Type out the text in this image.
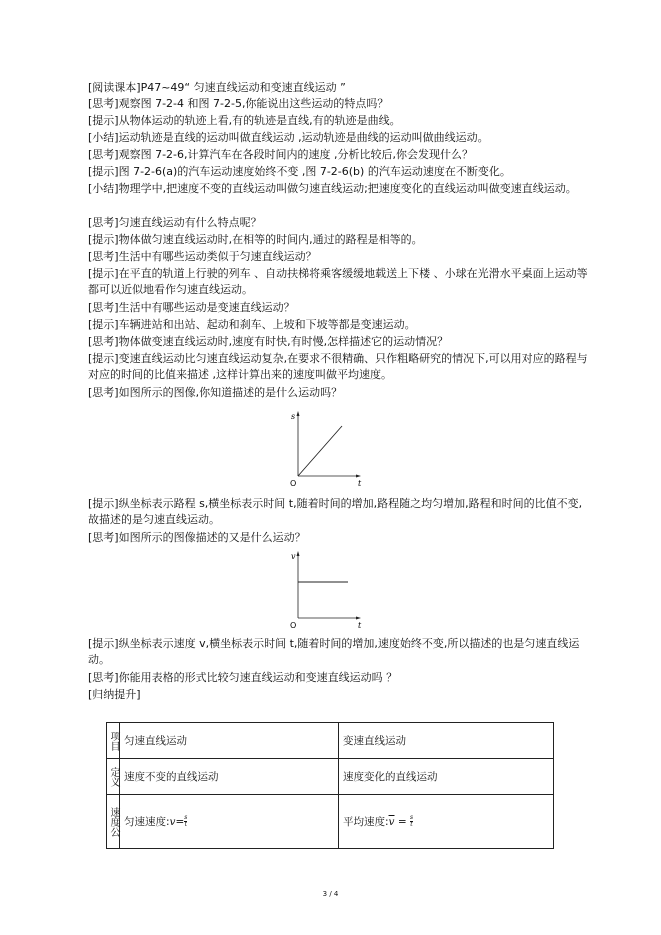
[阅读课本]P47~49“ 匀速直线运动和变速直线运动 ”

[思考]观察图 7-2-4 和图 7-2-5,你能说出这些运动的特点吗？

[提示]从物体运动的轨迹上看,有的轨迹是直线,有的轨迹是曲线。

[小结]运动轨迹是直线的运动叫做直线运动 ,运动轨迹是曲线的运动叫做曲线运动。

[思考]观察图 7-2-6,计算汽车在各段时间内的速度 ,分析比较后,你会发现什么？

[提示]图 7-2-6(a)的汽车运动速度始终不变 ,图 7-2-6(b) 的汽车运动速度在不断变化。

[小结]物理学中,把速度不变的直线运动叫做匀速直线运动;把速度变化的直线运动叫做变速直线运动。

[思考]匀速直线运动有什么特点呢？

[提示]物体做匀速直线运动时,在相等的时间内,通过的路程是相等的。

[思考]生活中有哪些运动类似于匀速直线运动？

[提示]在平直的轨道上行驶的列车 、自动扶梯将乘客缓缓地载送上下楼 、小球在光滑水平桌面上运动等都可以近似地看作匀速直线运动。

[思考]生活中有哪些运动是变速直线运动？

[提示]车辆进站和出站、起动和刹车、上坡和下坡等都是变速运动。

[思考]物体做变速直线运动时,速度有时快,有时慢,怎样描述它的运动情况？

[提示]变速直线运动比匀速直线运动复杂,在要求不很精确、只作粗略研究的情况下,可以用对应的路程与对应的时间的比值来描述 ,这样计算出来的速度叫做平均速度。

[思考]如图所示的图像,你知道描述的是什么运动吗？

s
t
O

[提示]纵坐标表示路程 s,横坐标表示时间 t,随着时间的增加,路程随之均匀增加,路程和时间的比值不变,故描述的是匀速直线运动。

[思考]如图所示的图像描述的又是什么运动？

v
t
O

[提示]纵坐标表示速度 v,横坐标表示时间 t,随着时间的增加,速度始终不变,所以描述的也是匀速直线运动。

[思考]你能用表格的形式比较匀速直线运动和变速直线运动吗 ？

[归纳提升]

项目	匀速直线运动	变速直线运动
定义	速度不变的直线运动	速度变化的直线运动
速度公	匀速速度: $v = \frac{s}{t}$	平均速度: $\overline{v} = \frac{s}{t}$
3 / 4
